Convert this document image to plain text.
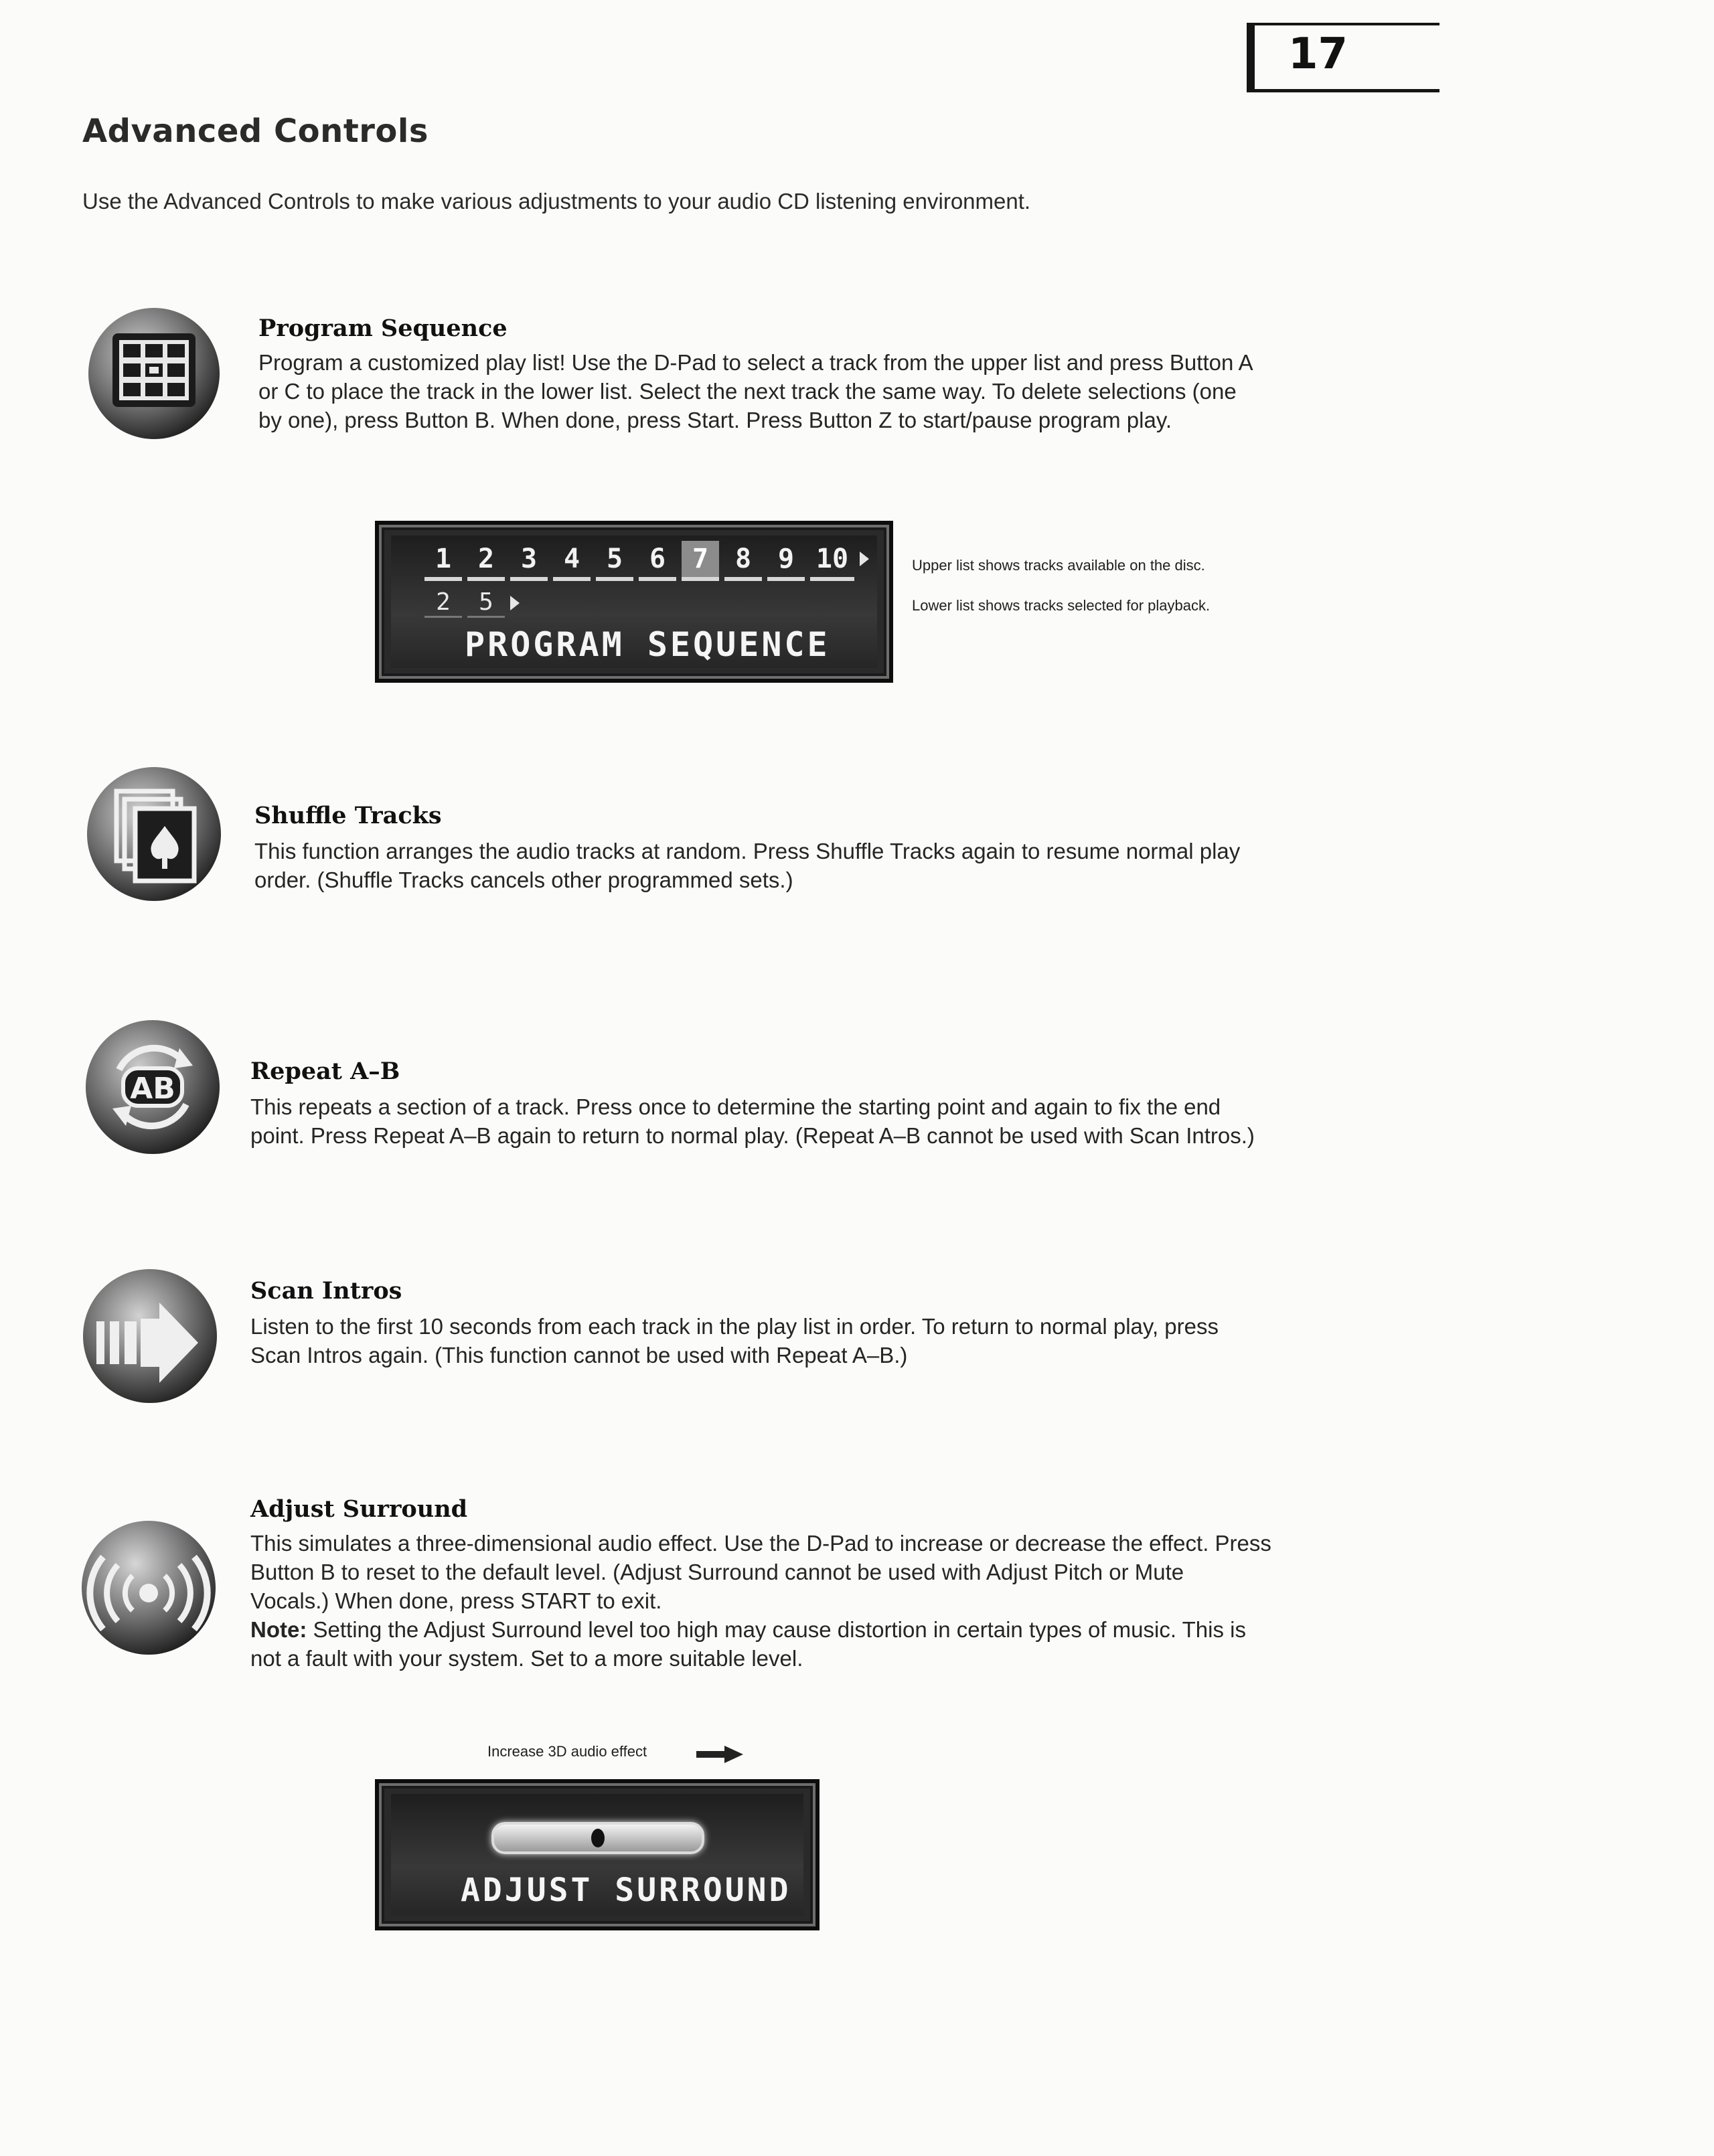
17
Advanced Controls
Use the Advanced Controls to make various adjustments to your audio CD listening environment.
Program Sequence
Program a customized play list! Use the D-Pad to select a track from the upper list and press Button A
or C to place the track in the lower list. Select the next track the same way. To delete selections (one
by one), press Button B. When done, press Start. Press Button Z to start/pause program play.
1 2 3 4 5 6 7 8 9 10
2	5
PROGRAM SEQUENCE
Upper list shows tracks available on the disc.
Lower list shows tracks selected for playback.
Shuffle Tracks
This function arranges the audio tracks at random. Press Shuffle Tracks again to resume normal play
order. (Shuffle Tracks cancels other programmed sets.)
AB
Repeat A–B
This repeats a section of a track. Press once to determine the starting point and again to fix the end
point. Press Repeat A–B again to return to normal play. (Repeat A–B cannot be used with Scan Intros.)
Scan Intros
Listen to the first 10 seconds from each track in the play list in order. To return to normal play, press
Scan Intros again. (This function cannot be used with Repeat A–B.)
Adjust Surround
This simulates a three-dimensional audio effect. Use the D-Pad to increase or decrease the effect. Press
Button B to reset to the default level. (Adjust Surround cannot be used with Adjust Pitch or Mute
Vocals.) When done, press START to exit.
Note: Setting the Adjust Surround level too high may cause distortion in certain types of music. This is
not a fault with your system. Set to a more suitable level.
Increase 3D audio effect
ADJUST SURROUND
